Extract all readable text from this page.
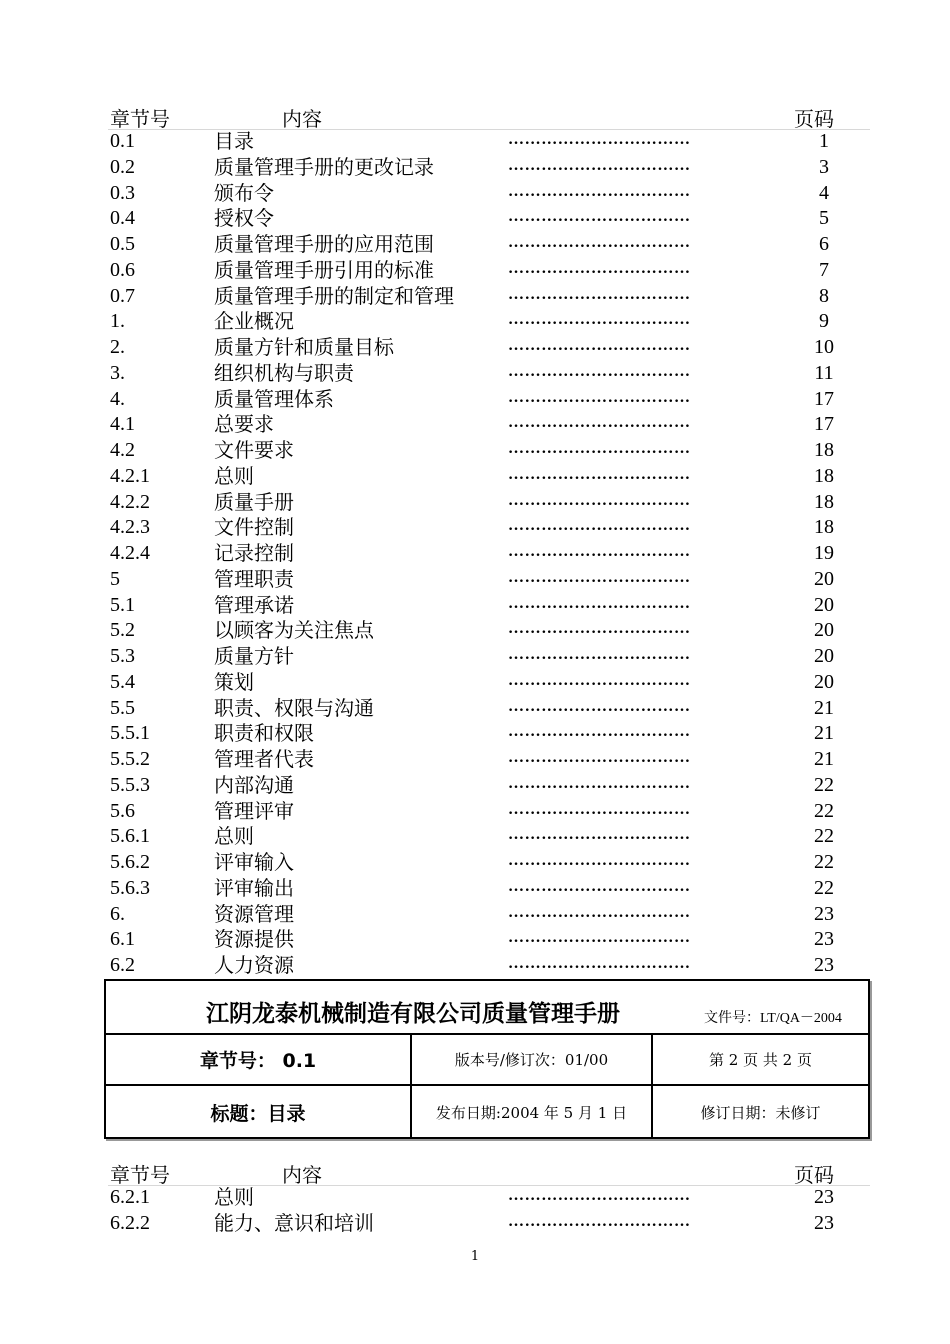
章节号	内容	页码
0.1	目录	……………………………	1
0.2	质量管理手册的更改记录	……………………………	3
0.3	颁布令	……………………………	4
0.4	授权令	……………………………	5
0.5	质量管理手册的应用范围	……………………………	6
0.6	质量管理手册引用的标准	……………………………	7
0.7	质量管理手册的制定和管理	……………………………	8
1.	企业概况	……………………………	9
2.	质量方针和质量目标	……………………………	10
3.	组织机构与职责	……………………………	11
4.	质量管理体系	……………………………	17
4.1	总要求	……………………………	17
4.2	文件要求	……………………………	18
4.2.1	总则	……………………………	18
4.2.2	质量手册	……………………………	18
4.2.3	文件控制	……………………………	18
4.2.4	记录控制	……………………………	19
5	管理职责	……………………………	20
5.1	管理承诺	……………………………	20
5.2	以顾客为关注焦点	……………………………	20
5.3	质量方针	……………………………	20
5.4	策划	……………………………	20
5.5	职责、权限与沟通	……………………………	21
5.5.1	职责和权限	……………………………	21
5.5.2	管理者代表	……………………………	21
5.5.3	内部沟通	……………………………	22
5.6	管理评审	……………………………	22
5.6.1	总则	……………………………	22
5.6.2	评审输入	……………………………	22
5.6.3	评审输出	……………………………	22
6.	资源管理	……………………………	23
6.1	资源提供	……………………………	23
6.2	人力资源	……………………………	23
江阴龙泰机械制造有限公司质量管理手册	文件号：LT/QA－2004
章节号： 0.1	版本号/修订次：01/00	第 2 页 共 2 页
标题：目录	发布日期:2004 年 5 月 1 日	修订日期：未修订
章节号	内容	页码
6.2.1	总则	……………………………	23
6.2.2	能力、意识和培训	……………………………	23
1
